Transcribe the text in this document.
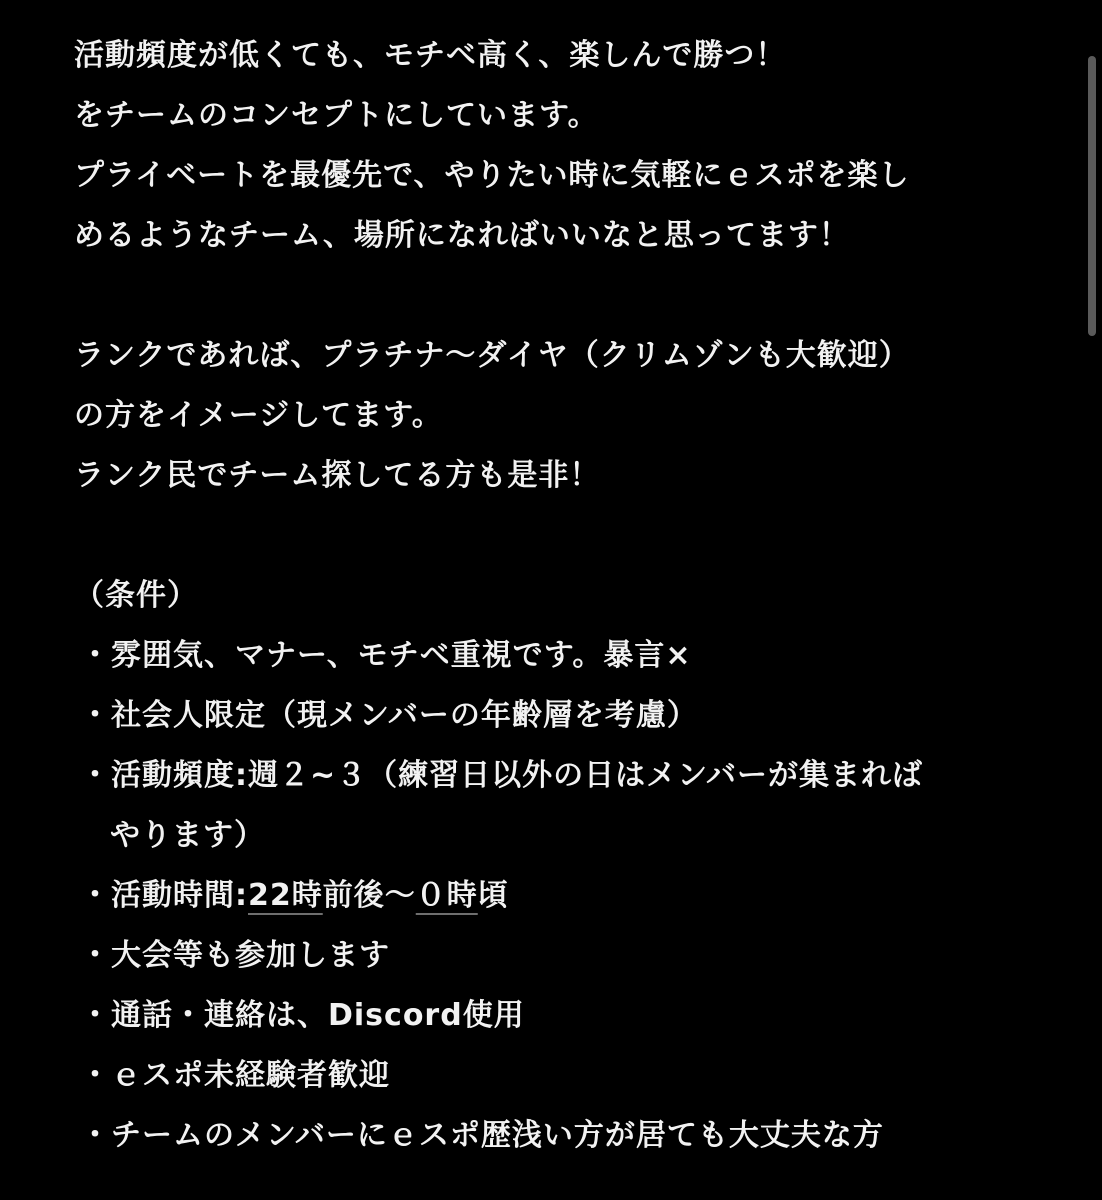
活動頻度が低くても、モチベ高く、楽しんで勝つ！
をチームのコンセプトにしています。
プライベートを最優先で、やりたい時に気軽にｅスポを楽し
めるようなチーム、場所になればいいなと思ってます！
ランクであれば、プラチナ〜ダイヤ（クリムゾンも大歓迎）
の方をイメージしてます。
ランク民でチーム探してる方も是非！
（条件）
・雰囲気、マナー、モチベ重視です。暴言×
・社会人限定（現メンバーの年齢層を考慮）
・活動頻度:週２~３（練習日以外の日はメンバーが集まれば
やります）
・活動時間:22時前後〜０時頃
・大会等も参加します
・通話・連絡は、Discord使用
・ｅスポ未経験者歓迎
・チームのメンバーにｅスポ歴浅い方が居ても大丈夫な方
